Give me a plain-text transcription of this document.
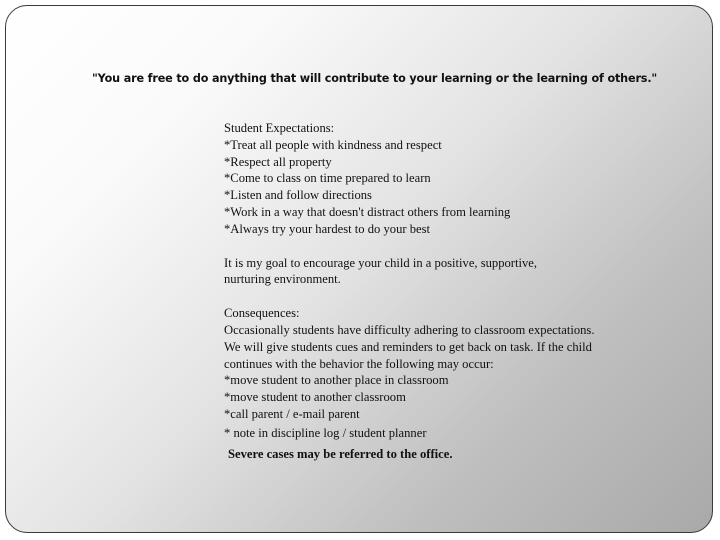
"You are free to do anything that will contribute to your learning or the learning of others."
Student Expectations:
*Treat all people with kindness and respect
*Respect all property
*Come to class on time prepared to learn
*Listen and follow directions
*Work in a way that doesn't distract others from learning
*Always try your hardest to do your best
It is my goal to encourage your child in a positive, supportive, nurturing environment.
Consequences:
Occasionally students have difficulty adhering to classroom expectations. We will give students cues and reminders to get back on task. If the child continues with the behavior the following may occur:
*move student to another place in classroom
*move student to another classroom
*call parent / e-mail parent
* note in discipline log / student planner
Severe cases may be referred to the office.
